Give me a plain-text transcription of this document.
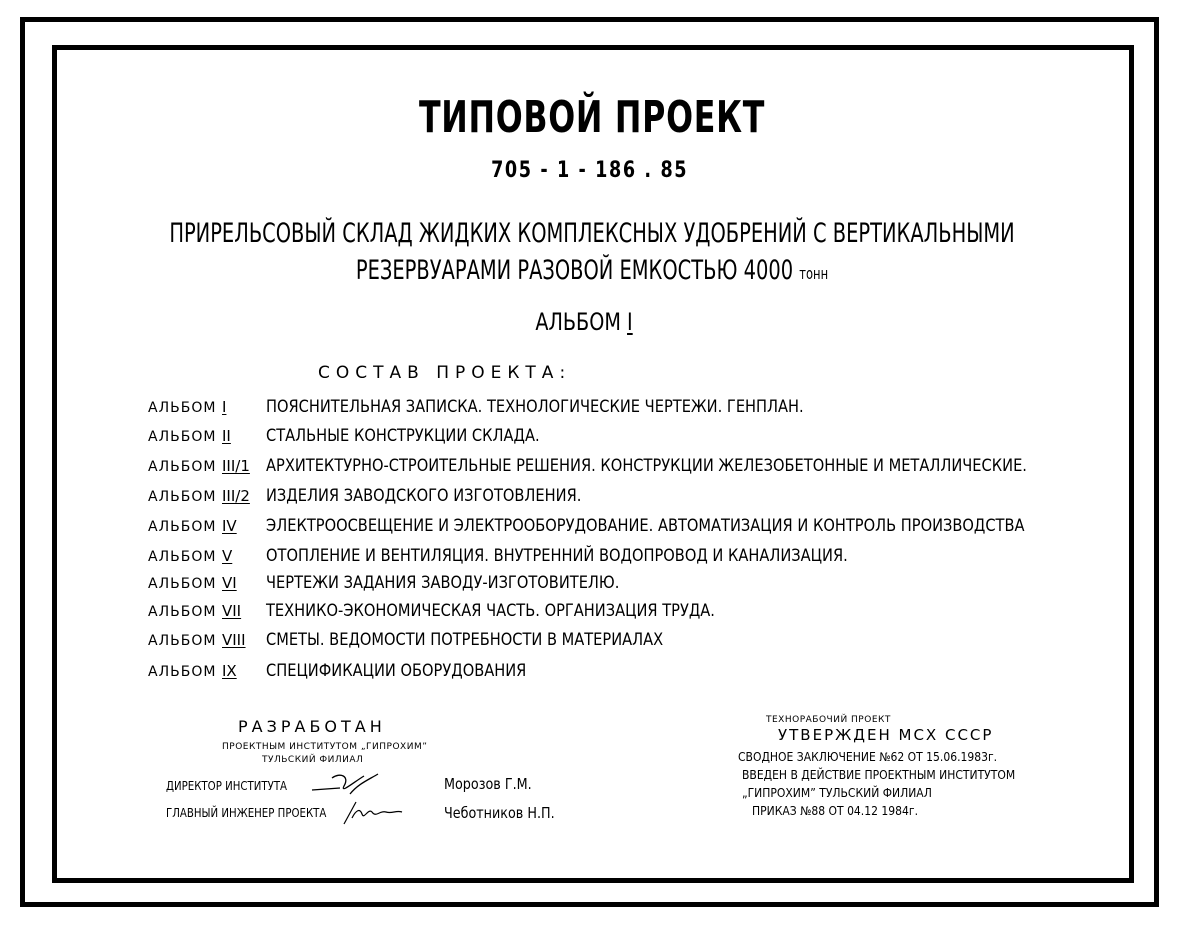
ТИПОВОЙ ПРОЕКТ
705 - 1 - 186 . 85
ПРИРЕЛЬСОВЫЙ СКЛАД ЖИДКИХ КОМПЛЕКСНЫХ УДОБРЕНИЙ С ВЕРТИКАЛЬНЫМИ
РЕЗЕРВУАРАМИ РАЗОВОЙ ЕМКОСТЬЮ 4000 тонн
АЛЬБОМ I
СОСТАВ ПРОЕКТА:
АЛЬБОМ I ПОЯСНИТЕЛЬНАЯ ЗАПИСКА. ТЕХНОЛОГИЧЕСКИЕ ЧЕРТЕЖИ. ГЕНПЛАН.
АЛЬБОМ II СТАЛЬНЫЕ КОНСТРУКЦИИ СКЛАДА.
АЛЬБОМ III/1 АРХИТЕКТУРНО-СТРОИТЕЛЬНЫЕ РЕШЕНИЯ. КОНСТРУКЦИИ ЖЕЛЕЗОБЕТОННЫЕ И МЕТАЛЛИЧЕСКИЕ.
АЛЬБОМ III/2 ИЗДЕЛИЯ ЗАВОДСКОГО ИЗГОТОВЛЕНИЯ.
АЛЬБОМ IV ЭЛЕКТРООСВЕЩЕНИЕ И ЭЛЕКТРООБОРУДОВАНИЕ. АВТОМАТИЗАЦИЯ И КОНТРОЛЬ ПРОИЗВОДСТВА
АЛЬБОМ V ОТОПЛЕНИЕ И ВЕНТИЛЯЦИЯ. ВНУТРЕННИЙ ВОДОПРОВОД И КАНАЛИЗАЦИЯ.
АЛЬБОМ VI ЧЕРТЕЖИ ЗАДАНИЯ ЗАВОДУ-ИЗГОТОВИТЕЛЮ.
АЛЬБОМ VII ТЕХНИКО-ЭКОНОМИЧЕСКАЯ ЧАСТЬ. ОРГАНИЗАЦИЯ ТРУДА.
АЛЬБОМ VIII СМЕТЫ. ВЕДОМОСТИ ПОТРЕБНОСТИ В МАТЕРИАЛАХ
АЛЬБОМ IX СПЕЦИФИКАЦИИ ОБОРУДОВАНИЯ
РАЗРАБОТАН
ПРОЕКТНЫМ ИНСТИТУТОМ „ГИПРОХИМ”
ТУЛЬСКИЙ ФИЛИАЛ
ДИРЕКТОР ИНСТИТУТА	Морозов Г.М.
ГЛАВНЫЙ ИНЖЕНЕР ПРОЕКТА	Чеботников Н.П.
ТЕХНОРАБОЧИЙ ПРОЕКТ
УТВЕРЖДЕН МСХ СССР
СВОДНОЕ ЗАКЛЮЧЕНИЕ №62 ОТ 15.06.1983г.
ВВЕДЕН В ДЕЙСТВИЕ ПРОЕКТНЫМ ИНСТИТУТОМ
„ГИПРОХИМ” ТУЛЬСКИЙ ФИЛИАЛ
ПРИКАЗ №88 ОТ 04.12 1984г.
